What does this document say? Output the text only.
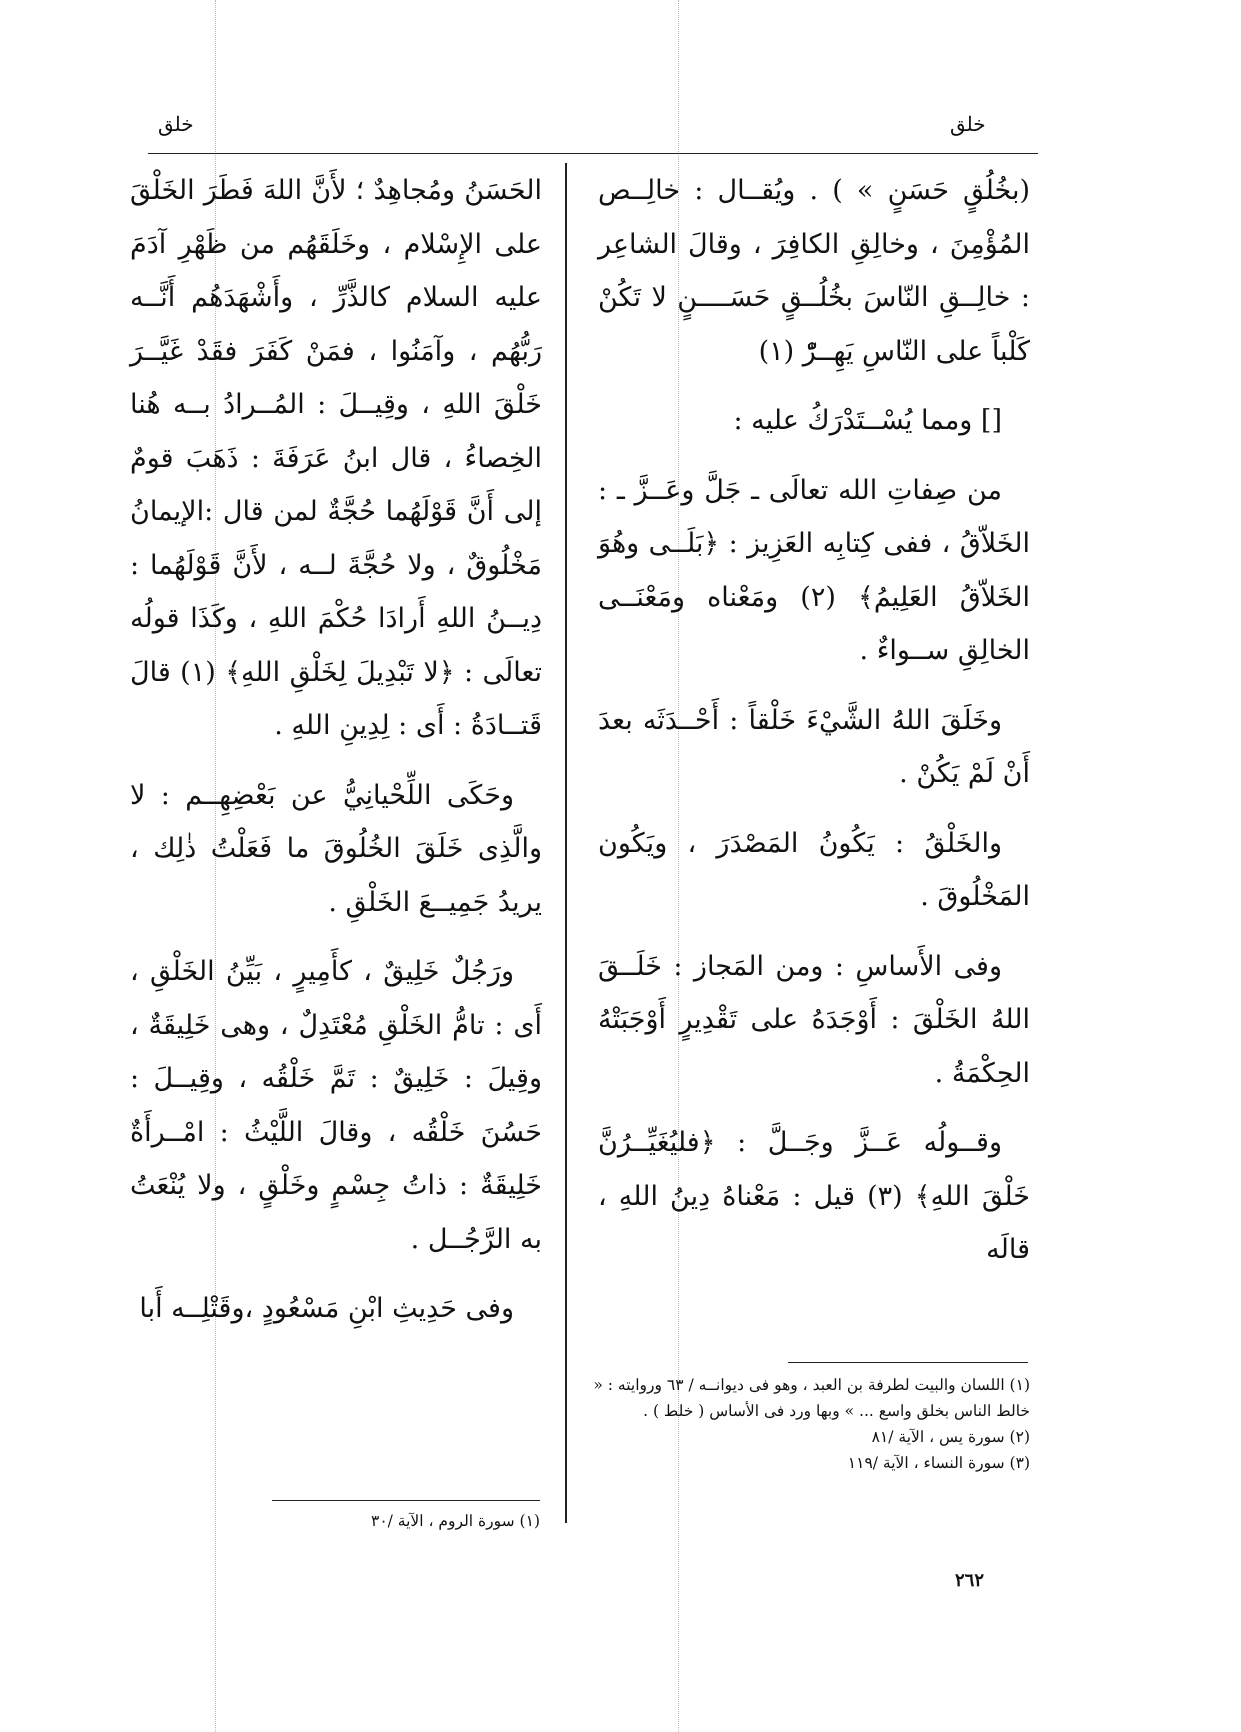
خلق
خلق

(بخُلُقٍ حَسَنٍ » ) . ويُقــال : خالِــص المُؤْمِنَ ، وخالِقِ الكافِرَ ، وقالَ الشاعِر : خالِــقِ النّاسَ بخُلُــقٍ حَسَــــنٍ لا تَكُنْ كَلْباً على النّاسِ يَهِــرّْ (١)

[] ومما يُسْــتَدْرَكُ عليه :

من صِفاتِ الله تعالَى ـ جَلَّ وعَــزَّ ـ : الخَلاّقُ ، ففى كِتابِه العَزِيز : ﴿بَلَــى وهُوَ الخَلاّقُ العَلِيمُ﴾ (٢) ومَعْناه ومَعْنَــى الخالِقِ ســواءٌ .

وخَلَقَ اللهُ الشَّيْءَ خَلْقاً : أَحْــدَثَه بعدَ أَنْ لَمْ يَكُنْ .

والخَلْقُ : يَكُونُ المَصْدَرَ ، ويَكُون المَخْلُوقَ .

وفى الأَساسِ : ومن المَجاز : خَلَــقَ اللهُ الخَلْقَ : أَوْجَدَهُ على تَقْدِيرٍ أَوْجَبَتْهُ الحِكْمَةُ .

وقــولُه عَــزَّ وجَــلَّ : ﴿فليُغَيِّــرُنَّ خَلْقَ اللهِ﴾ (٣) قيل : مَعْناهُ دِينُ اللهِ ، قالَه

الحَسَنُ ومُجاهِدٌ ؛ لأَنَّ اللهَ فَطَرَ الخَلْقَ على الإِسْلام ، وخَلَقَهُم من ظَهْرِ آدَمَ عليه السلام كالذَّرِّ ، وأَشْهَدَهُم أَنَّــه رَبُّهُم ، وآمَنُوا ، فمَنْ كَفَرَ فقَدْ غَيَّــرَ خَلْقَ اللهِ ، وقِيــلَ : المُــرادُ بــه هُنا الخِصاءُ ، قال ابنُ عَرَفَةَ : ذَهَبَ قومٌ إلى أَنَّ قَوْلَهُما حُجَّةٌ لمن قال :الإيمانُ مَخْلُوقٌ ، ولا حُجَّةَ لــه ، لأَنَّ قَوْلَهُما : دِيــنُ اللهِ أَرادَا حُكْمَ اللهِ ، وكَذَا قولُه تعالَى : ﴿لا تَبْدِيلَ لِخَلْقِ اللهِ﴾ (١) قالَ قَتــادَةُ : أَى : لِدِينِ اللهِ .

وحَكَى اللِّحْيانِيُّ عن بَعْضِهِــم : لا والَّذِى خَلَقَ الخُلُوقَ ما فَعَلْتُ ذٰلِك ، يريدُ جَمِيــعَ الخَلْقِ .

ورَجُلٌ خَلِيقٌ ، كأَمِيرٍ ، بَيِّنُ الخَلْقِ ، أَى : تامُّ الخَلْقِ مُعْتَدِلٌ ، وهى خَلِيقَةٌ ، وقِيلَ : خَلِيقٌ : تَمَّ خَلْقُه ، وقِيــلَ : حَسُنَ خَلْقُه ، وقالَ اللَّيْثُ : امْــرأَةٌ خَلِيقَةٌ : ذاتُ جِسْمٍ وخَلْقٍ ، ولا يُنْعَتُ به الرَّجُــل .

وفى حَدِيثِ ابْنِ مَسْعُودٍ ،وقَتْلِــه أَبا

(١) سورة الروم ، الآية /٣٠
(١) اللسان والبيت لطرفة بن العبد ، وهو فى ديوانــه / ٦٣ وروايته : « خالط الناس بخلق واسع ... » وبها ورد فى الأساس ( خلط ) .
(٢) سورة يس ، الآية /٨١
(٣) سورة النساء ، الآية /١١٩
٢٦٢
